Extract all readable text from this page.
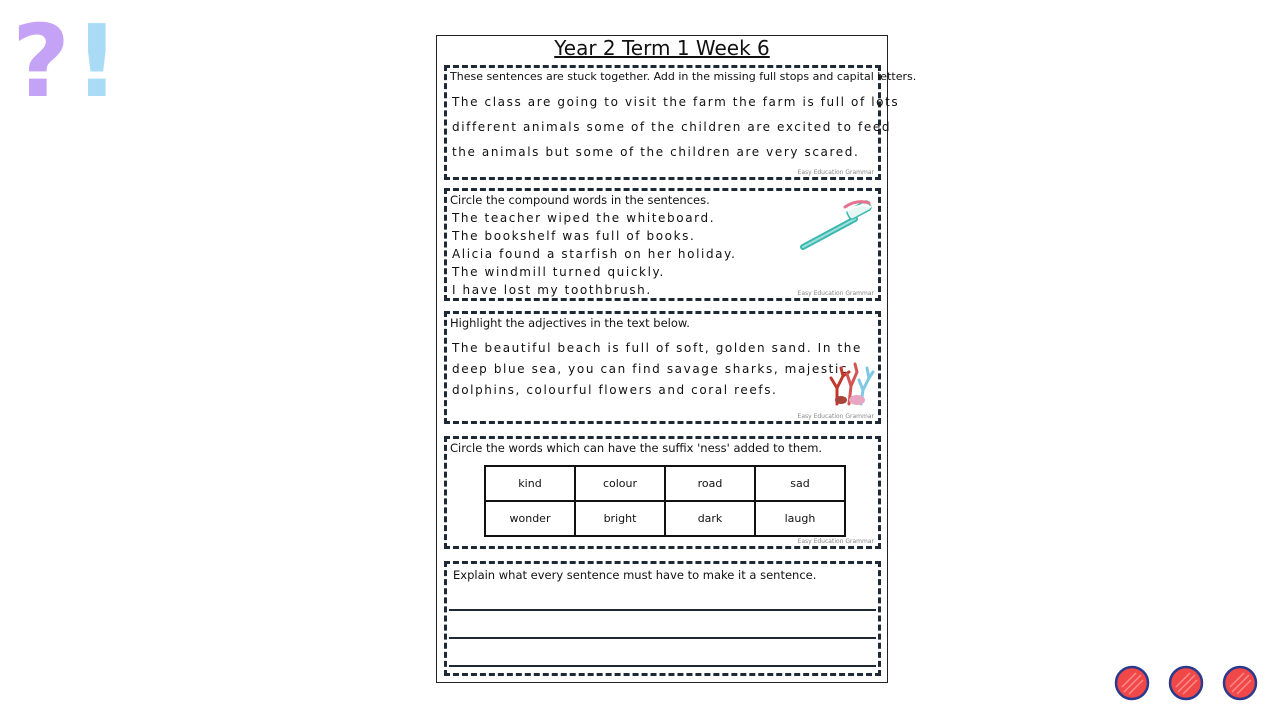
? !	Year 2 Term 1 Week 6
These sentences are stuck together. Add in the missing full stops and capital letters.
The class are going to visit the farm the farm is full of lots
different animals some of the children are excited to feed
the animals but some of the children are very scared.
Easy Education Grammar
Circle the compound words in the sentences.
The teacher wiped the whiteboard.
The bookshelf was full of books.
Alicia found a starfish on her holiday.
The windmill turned quickly.
I have lost my toothbrush.	Easy Education Grammar
Highlight the adjectives in the text below.
The beautiful beach is full of soft, golden sand. In the
deep blue sea, you can find savage sharks, majestic
dolphins, colourful flowers and coral reefs.
Easy Education Grammar
Circle the words which can have the suffix 'ness' added to them.
kind	colour	road	sad
wonder	bright	dark	laugh
Easy Education Grammar
Explain what every sentence must have to make it a sentence.
